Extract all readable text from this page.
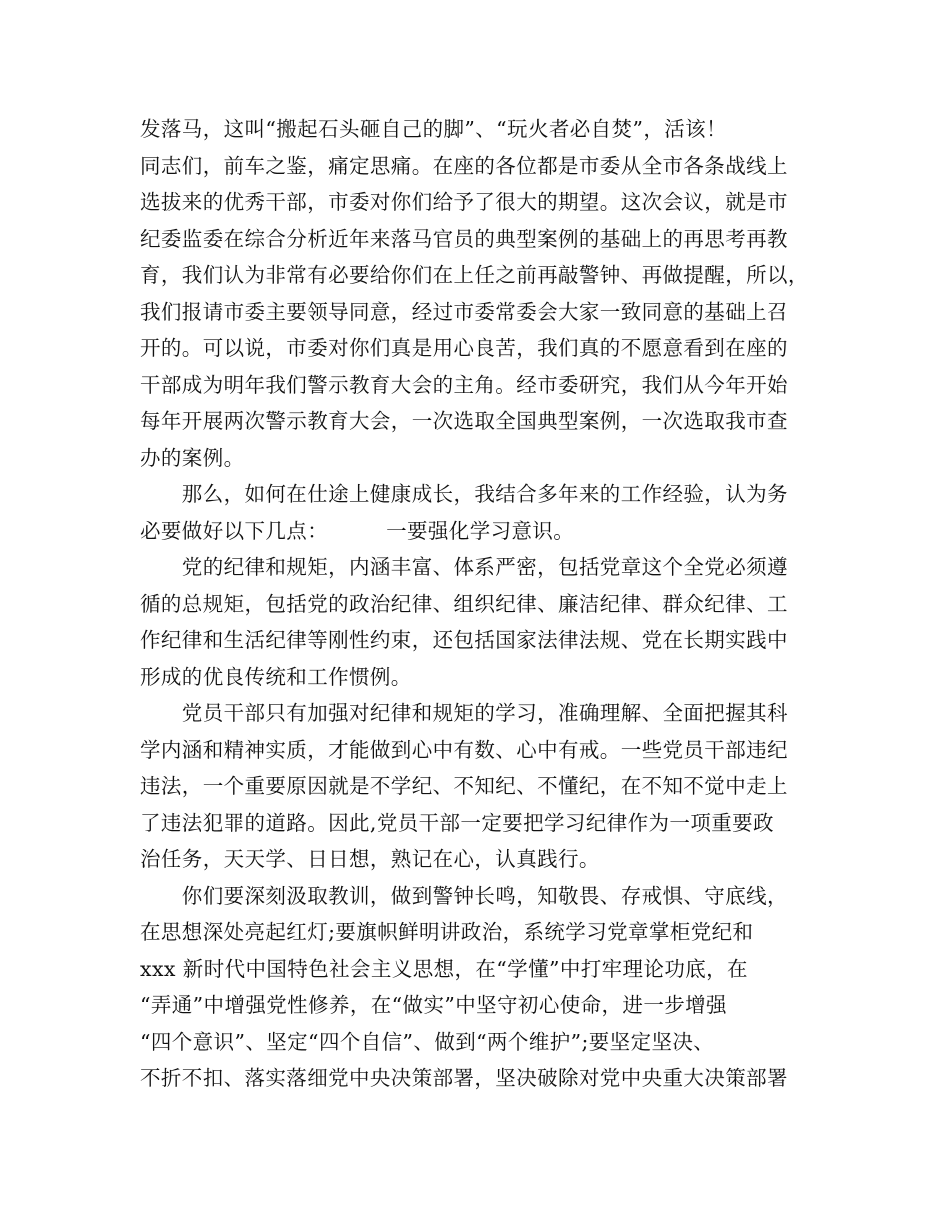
发落马，这叫“搬起石头砸自己的脚”、“玩火者必自焚”，活该！
同志们，前车之鉴，痛定思痛。在座的各位都是市委从全市各条战线上
选拔来的优秀干部，市委对你们给予了很大的期望。这次会议，就是市
纪委监委在综合分析近年来落马官员的典型案例的基础上的再思考再教
育，我们认为非常有必要给你们在上任之前再敲警钟、再做提醒，所以，
我们报请市委主要领导同意，经过市委常委会大家一致同意的基础上召
开的。可以说，市委对你们真是用心良苦，我们真的不愿意看到在座的
干部成为明年我们警示教育大会的主角。经市委研究，我们从今年开始
每年开展两次警示教育大会，一次选取全国典型案例，一次选取我市查
办的案例。
　　那么，如何在仕途上健康成长，我结合多年来的工作经验，认为务
必要做好以下几点：	一要强化学习意识。
　　党的纪律和规矩，内涵丰富、体系严密，包括党章这个全党必须遵
循的总规矩，包括党的政治纪律、组织纪律、廉洁纪律、群众纪律、工
作纪律和生活纪律等刚性约束，还包括国家法律法规、党在长期实践中
形成的优良传统和工作惯例。
　　党员干部只有加强对纪律和规矩的学习，准确理解、全面把握其科
学内涵和精神实质，才能做到心中有数、心中有戒。一些党员干部违纪
违法，一个重要原因就是不学纪、不知纪、不懂纪，在不知不觉中走上
了违法犯罪的道路。因此,党员干部一定要把学习纪律作为一项重要政
治任务，天天学、日日想，熟记在心，认真践行。
　　你们要深刻汲取教训，做到警钟长鸣，知敬畏、存戒惧、守底线，
在思想深处亮起红灯;要旗帜鲜明讲政治，系统学习党章掌柜党纪和
xxx 新时代中国特色社会主义思想，在“学懂”中打牢理论功底，在
“弄通”中增强党性修养，在“做实”中坚守初心使命，进一步增强
“四个意识”、坚定“四个自信”、做到“两个维护”;要坚定坚决、
不折不扣、落实落细党中央决策部署，坚决破除对党中央重大决策部署
